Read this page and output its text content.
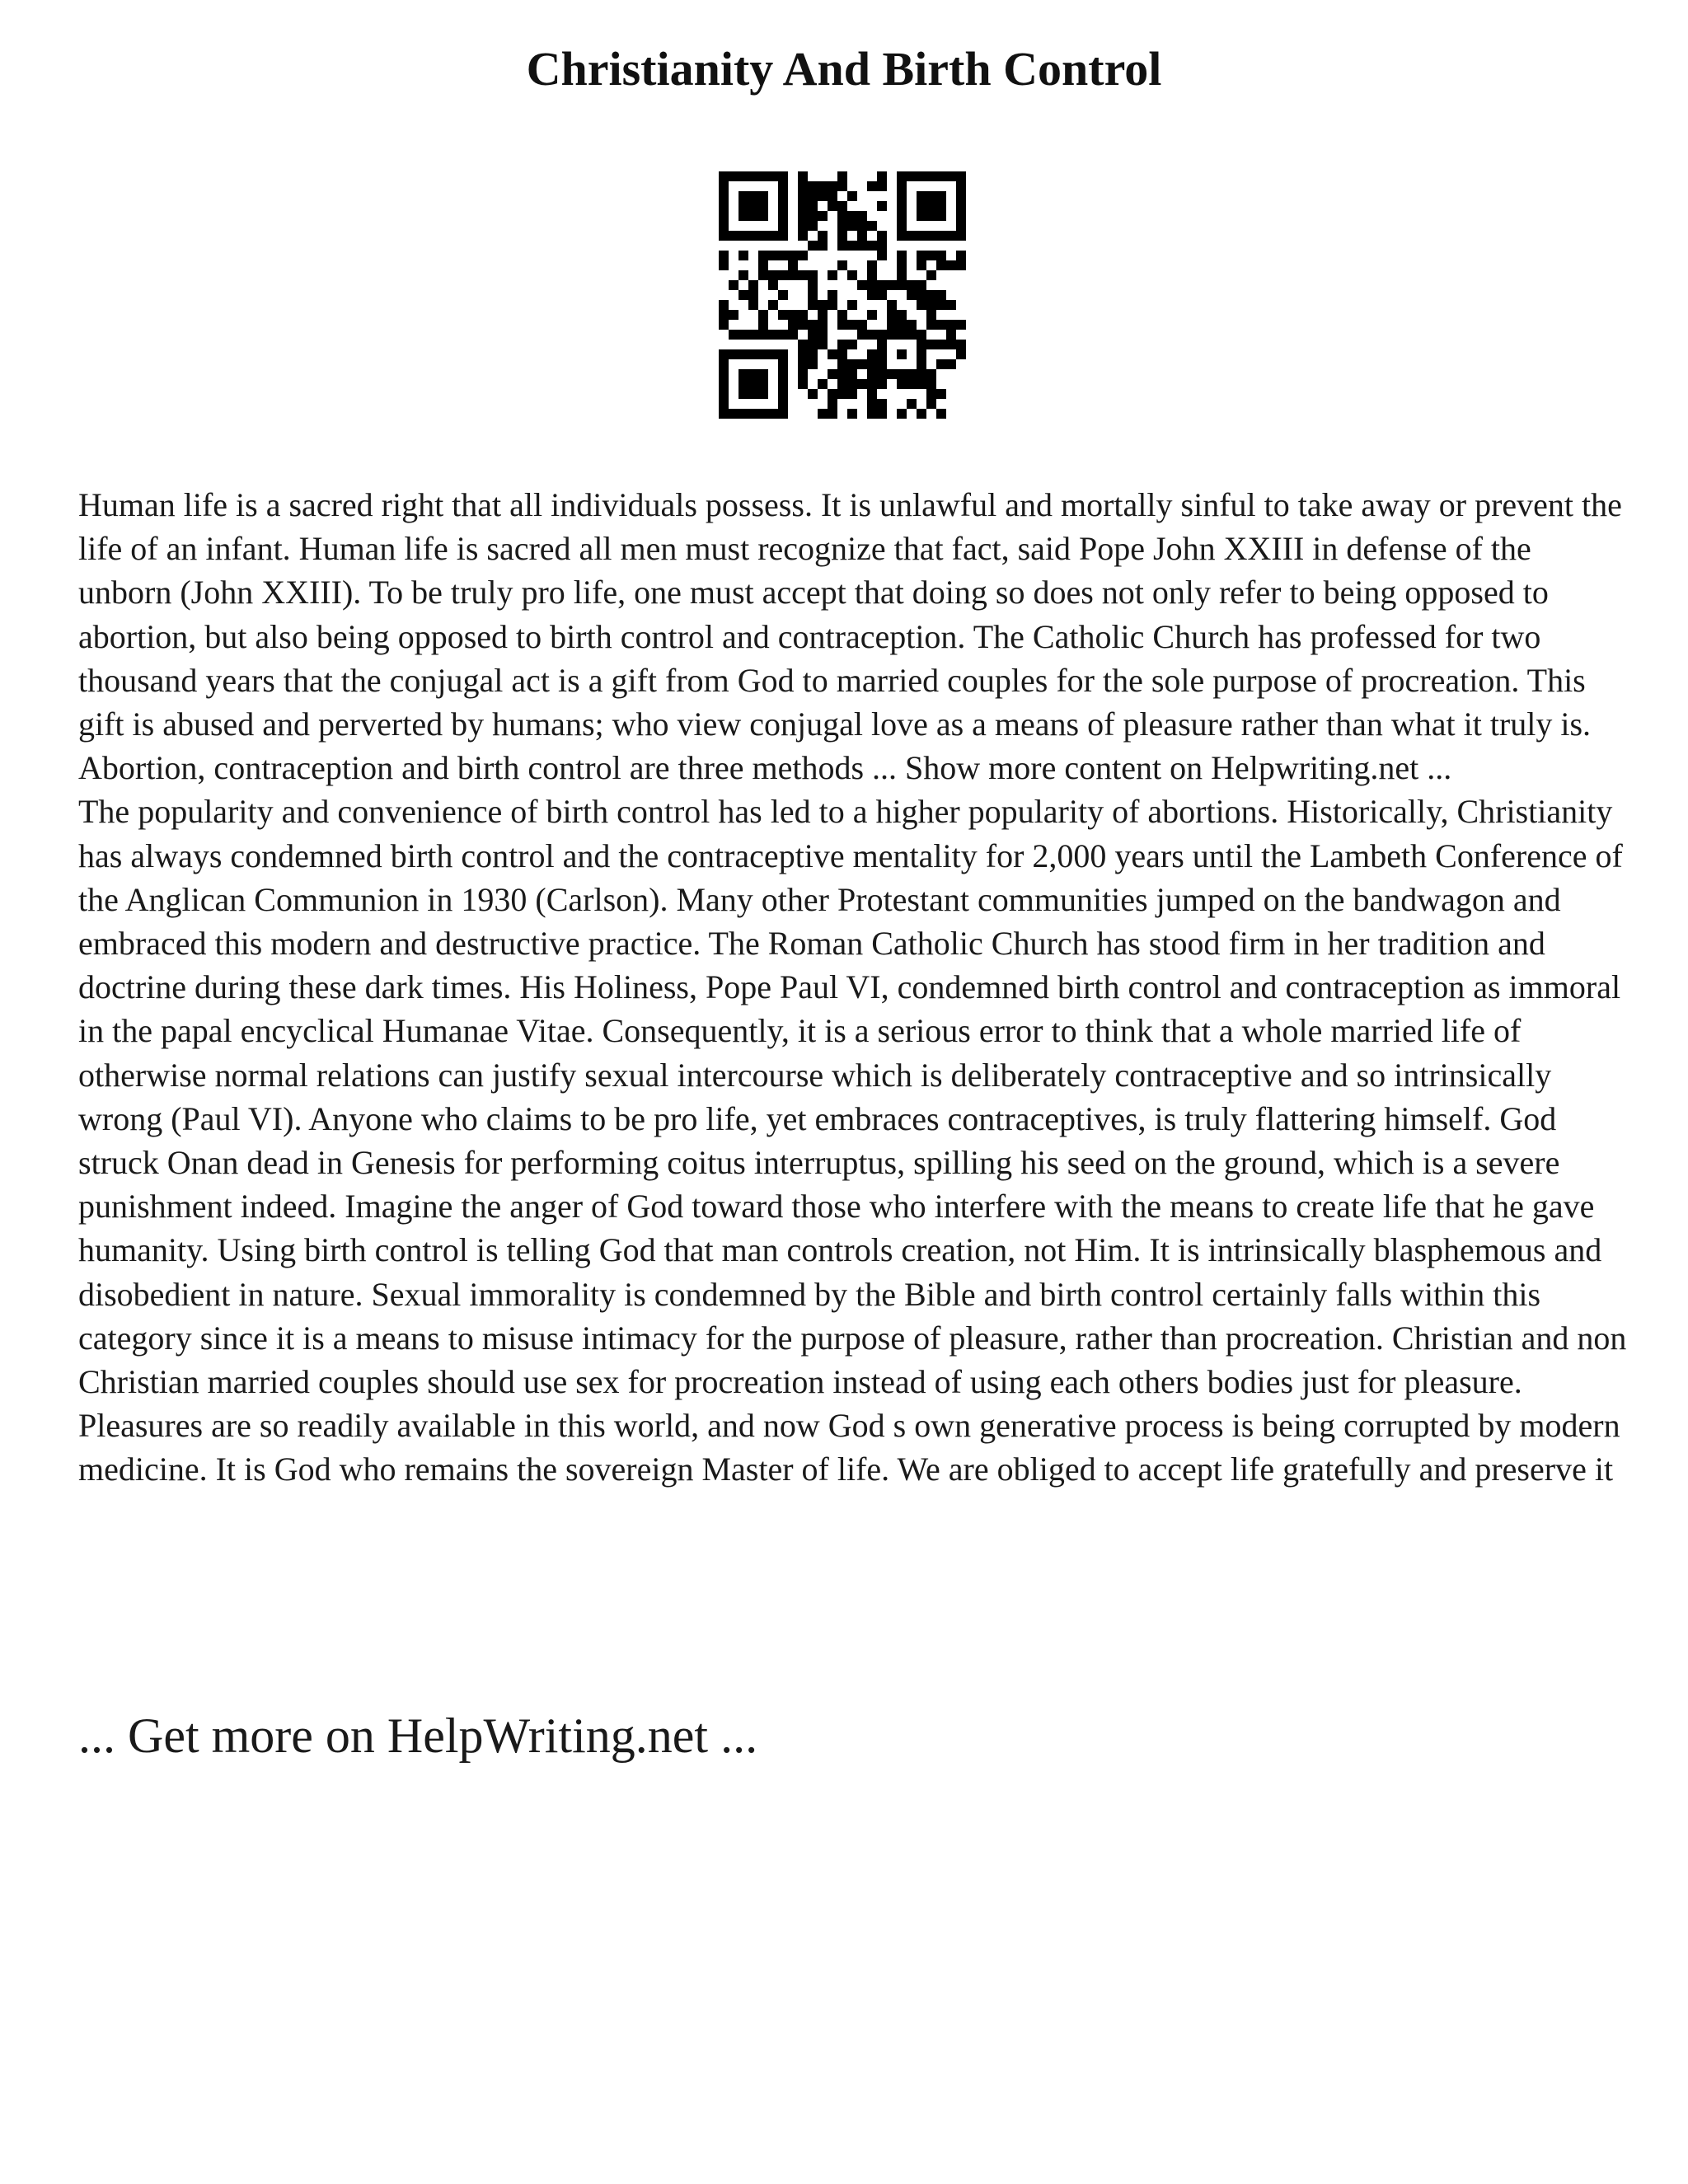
Christianity And Birth Control

Human life is a sacred right that all individuals possess. It is unlawful and mortally sinful to take away or prevent the life of an infant. Human life is sacred all men must recognize that fact, said Pope John XXIII in defense of the unborn (John XXIII). To be truly pro life, one must accept that doing so does not only refer to being opposed to abortion, but also being opposed to birth control and contraception. The Catholic Church has professed for two thousand years that the conjugal act is a gift from God to married couples for the sole purpose of procreation. This gift is abused and perverted by humans; who view conjugal love as a means of pleasure rather than what it truly is. Abortion, contraception and birth control are three methods ... Show more content on Helpwriting.net ...

The popularity and convenience of birth control has led to a higher popularity of abortions. Historically, Christianity has always condemned birth control and the contraceptive mentality for 2,000 years until the Lambeth Conference of the Anglican Communion in 1930 (Carlson). Many other Protestant communities jumped on the bandwagon and embraced this modern and destructive practice. The Roman Catholic Church has stood firm in her tradition and doctrine during these dark times. His Holiness, Pope Paul VI, condemned birth control and contraception as immoral in the papal encyclical Humanae Vitae. Consequently, it is a serious error to think that a whole married life of otherwise normal relations can justify sexual intercourse which is deliberately contraceptive and so intrinsically wrong (Paul VI). Anyone who claims to be pro life, yet embraces contraceptives, is truly flattering himself. God struck Onan dead in Genesis for performing coitus interruptus, spilling his seed on the ground, which is a severe punishment indeed. Imagine the anger of God toward those who interfere with the means to create life that he gave humanity. Using birth control is telling God that man controls creation, not Him. It is intrinsically blasphemous and disobedient in nature. Sexual immorality is condemned by the Bible and birth control certainly falls within this category since it is a means to misuse intimacy for the purpose of pleasure, rather than procreation. Christian and non Christian married couples should use sex for procreation instead of using each others bodies just for pleasure. Pleasures are so readily available in this world, and now God s own generative process is being corrupted by modern medicine. It is God who remains the sovereign Master of life. We are obliged to accept life gratefully and preserve it

... Get more on HelpWriting.net ...
